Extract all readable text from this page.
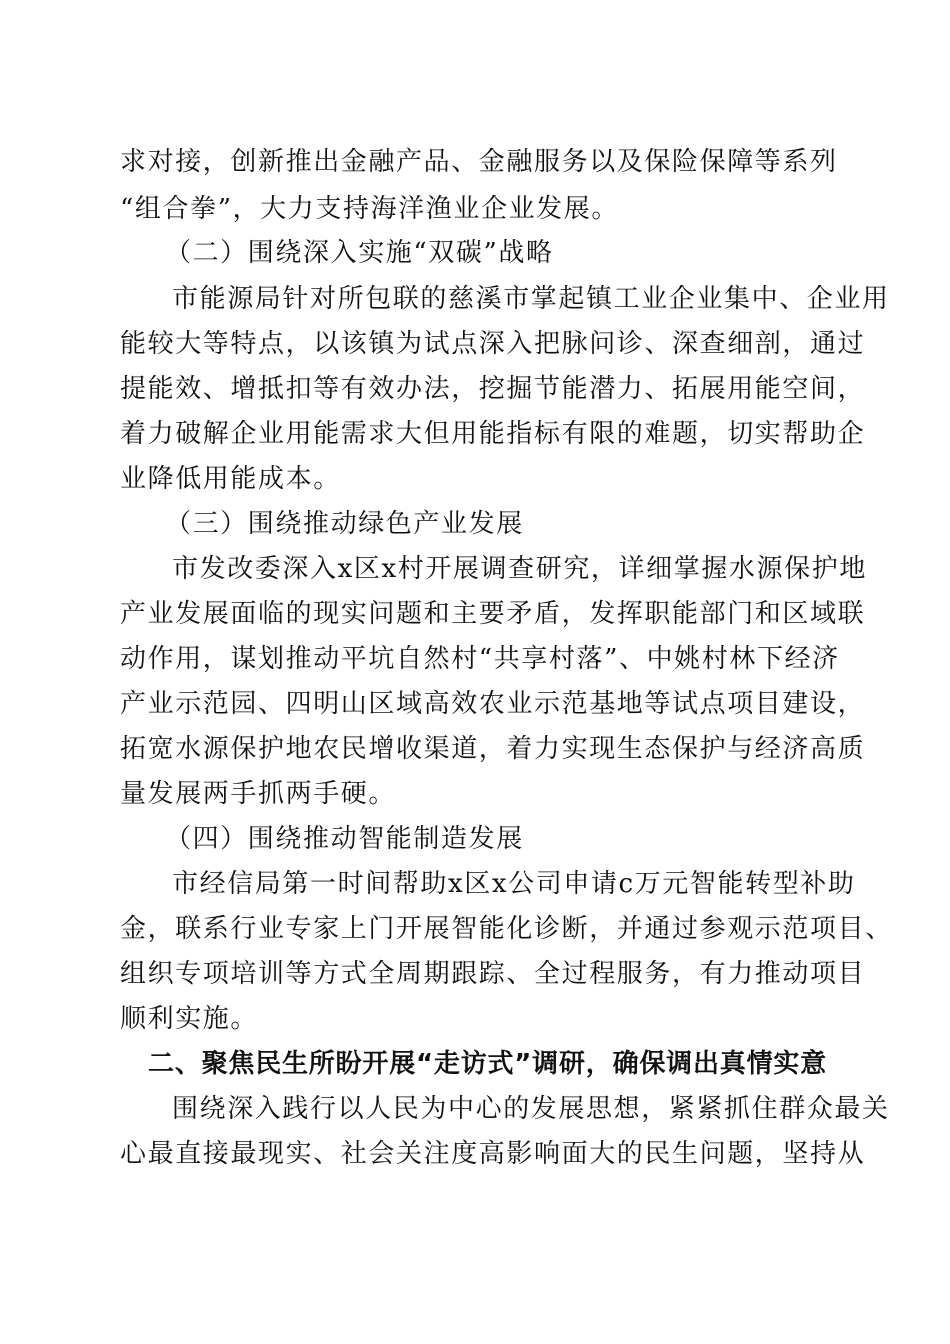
求对接，创新推出金融产品、金融服务以及保险保障等系列
“组合拳”，大力支持海洋渔业企业发展。
（二）围绕深入实施“双碳”战略
市能源局针对所包联的慈溪市掌起镇工业企业集中、企业用
能较大等特点，以该镇为试点深入把脉问诊、深查细剖，通过
提能效、增抵扣等有效办法，挖掘节能潜力、拓展用能空间，
着力破解企业用能需求大但用能指标有限的难题，切实帮助企
业降低用能成本。
（三）围绕推动绿色产业发展
市发改委深入x区x村开展调查研究，详细掌握水源保护地
产业发展面临的现实问题和主要矛盾，发挥职能部门和区域联
动作用，谋划推动平坑自然村“共享村落”、中姚村林下经济
产业示范园、四明山区域高效农业示范基地等试点项目建设，
拓宽水源保护地农民增收渠道，着力实现生态保护与经济高质
量发展两手抓两手硬。
（四）围绕推动智能制造发展
市经信局第一时间帮助x区x公司申请c万元智能转型补助
金，联系行业专家上门开展智能化诊断，并通过参观示范项目、
组织专项培训等方式全周期跟踪、全过程服务，有力推动项目
顺利实施。
二、聚焦民生所盼开展“走访式”调研，确保调出真情实意
围绕深入践行以人民为中心的发展思想，紧紧抓住群众最关
心最直接最现实、社会关注度高影响面大的民生问题，坚持从
